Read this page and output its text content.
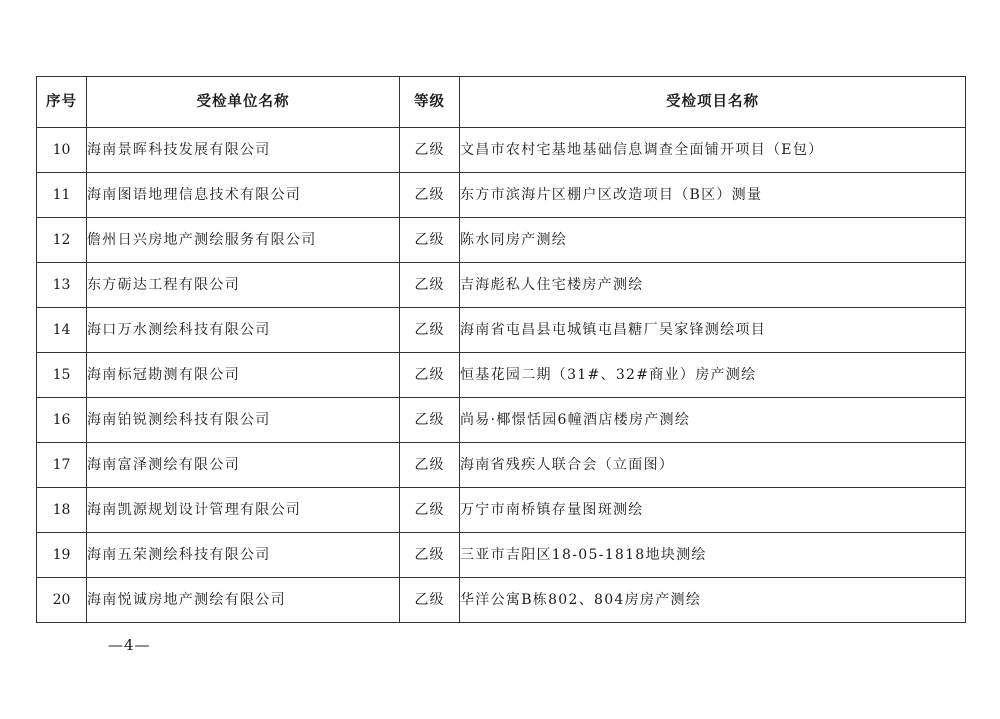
序号	受检单位名称	等级	受检项目名称
10	海南景晖科技发展有限公司	乙级	文昌市农村宅基地基础信息调查全面铺开项目（E包）
11	海南图语地理信息技术有限公司	乙级	东方市滨海片区棚户区改造项目（B区）测量
12	儋州日兴房地产测绘服务有限公司	乙级	陈水同房产测绘
13	东方砺达工程有限公司	乙级	吉海彪私人住宅楼房产测绘
14	海口万水测绘科技有限公司	乙级	海南省屯昌县屯城镇屯昌糖厂吴家锋测绘项目
15	海南标冠勘测有限公司	乙级	恒基花园二期（31#、32#商业）房产测绘
16	海南铂锐测绘科技有限公司	乙级	尚易·椰憬恬园6幢酒店楼房产测绘
17	海南富泽测绘有限公司	乙级	海南省残疾人联合会（立面图）
18	海南凯源规划设计管理有限公司	乙级	万宁市南桥镇存量图斑测绘
19	海南五荣测绘科技有限公司	乙级	三亚市吉阳区18-05-1818地块测绘
20	海南悦诚房地产测绘有限公司	乙级	华洋公寓B栋802、804房房产测绘
—4—
